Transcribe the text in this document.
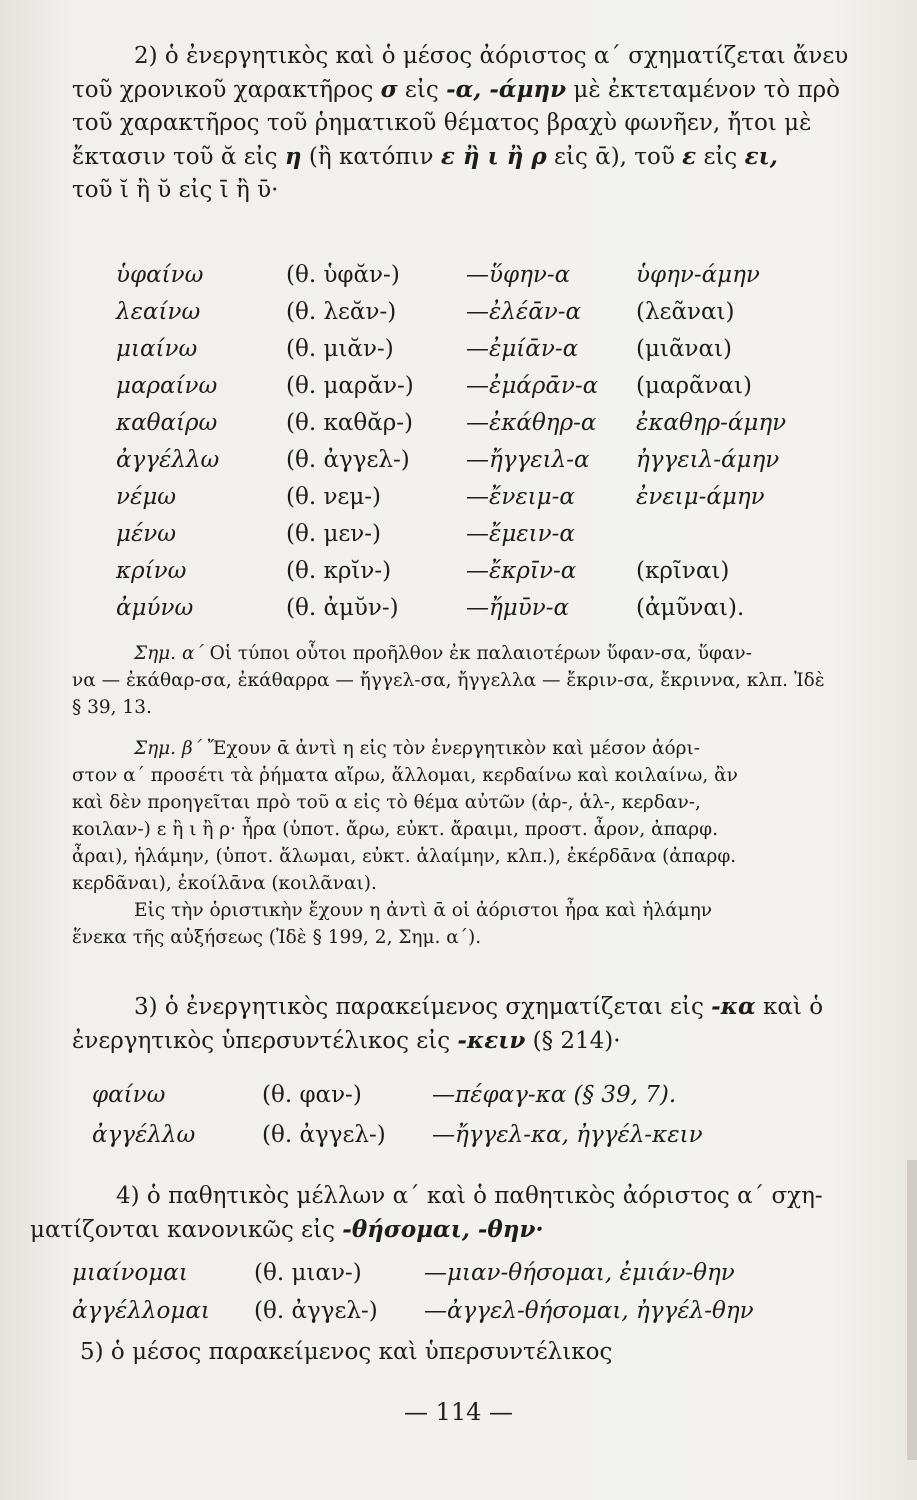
2) ὁ ἐνεργητικὸς καὶ ὁ μέσος ἀόριστος α΄ σχηματίζεται ἄνευ

τοῦ χρονικοῦ χαρακτῆρος σ εἰς -α, -άμην μὲ ἐκτεταμένον τὸ πρὸ

τοῦ χαρακτῆρος τοῦ ῥηματικοῦ θέματος βραχὺ φωνῆεν, ἤτοι μὲ

ἔκτασιν τοῦ ᾰ εἰς η (ἢ κατόπιν ε ἢ ι ἢ ρ εἰς ᾱ), τοῦ ε εἰς ει,

τοῦ ῐ ἢ ῠ εἰς ῑ ἢ ῡ·

ὑφαίνω	(θ. ὑφᾰν-)	—ὕφην-α	ὑφην-άμην
λεαίνω	(θ. λεᾰν-)	—ἐλέᾱν-α (λεᾶναι)
μιαίνω	(θ. μιᾰν-)	—ἐμίᾱν-α	(μιᾶναι)
μαραίνω	(θ. μαρᾰν-) —ἐμάρᾱν-α (μαρᾶναι)
καθαίρω	(θ. καθᾰρ-) —ἐκάθηρ-α ἐκαθηρ-άμην
ἀγγέλλω	(θ. ἀγγελ-) —ἤγγειλ-α ἠγγειλ-άμην
νέμω	(θ. νεμ-)	—ἔνειμ-α	ἐνειμ-άμην
μένω	(θ. μεν-)	—ἔμειν-α
κρίνω	(θ. κρῐν-)	—ἔκρῑν-α	(κρῖναι)
ἀμύνω	(θ. ἀμῠν-)	—ἤμῡν-α	(ἀμῦναι).

Σημ. α΄ Οἱ τύποι οὗτοι προῆλθον ἐκ παλαιοτέρων ὕφαν-σα, ὕφαν-

να — ἐκάθαρ-σα, ἐκάθαρρα — ἤγγελ-σα, ἤγγελλα — ἔκριν-σα, ἔκριννα, κλπ. Ἰδὲ

§ 39, 13.

Σημ. β΄ Ἔχουν ᾱ ἀντὶ η εἰς τὸν ἐνεργητικὸν καὶ μέσον ἀόρι-

στον α΄ προσέτι τὰ ῥήματα αἴρω, ἅλλομαι, κερδαίνω καὶ κοιλαίνω, ἂν

καὶ δὲν προηγεῖται πρὸ τοῦ α εἰς τὸ θέμα αὐτῶν (ἀρ-, ἁλ-, κερδαν-,

κοιλαν-) ε ἢ ι ἢ ρ· ἦρα (ὑποτ. ἄρω, εὐκτ. ἄραιμι, προστ. ἆρον, ἀπαρφ.

ἆραι), ἡλάμην, (ὑποτ. ἅλωμαι, εὐκτ. ἁλαίμην, κλπ.), ἐκέρδᾱνα (ἀπαρφ.

κερδᾶναι), ἐκοίλᾱνα (κοιλᾶναι).

Εἰς τὴν ὁριστικὴν ἔχουν η ἀντὶ ᾱ οἱ ἀόριστοι ἦρα καὶ ἡλάμην

ἕνεκα τῆς αὐξήσεως (Ἰδὲ § 199, 2, Σημ. α΄).

3) ὁ ἐνεργητικὸς παρακείμενος σχηματίζεται εἰς -κα καὶ ὁ

ἐνεργητικὸς ὑπερσυντέλικος εἰς -κειν (§ 214)·

φαίνω	(θ. φαν-)	—πέφαγ-κα (§ 39, 7).
ἀγγέλλω	(θ. ἀγγελ-) —ἤγγελ-κα, ἠγγέλ-κειν

4) ὁ παθητικὸς μέλλων α΄ καὶ ὁ παθητικὸς ἀόριστος α΄ σχη-

ματίζονται κανονικῶς εἰς -θήσομαι, -θην·

μιαίνομαι	(θ. μιαν-)	—μιαν-θήσομαι, ἐμιάν-θην
ἀγγέλλομαι (θ. ἀγγελ-) —ἀγγελ-θήσομαι, ἠγγέλ-θην

5) ὁ μέσος παρακείμενος καὶ ὑπερσυντέλικος

— 114 —
